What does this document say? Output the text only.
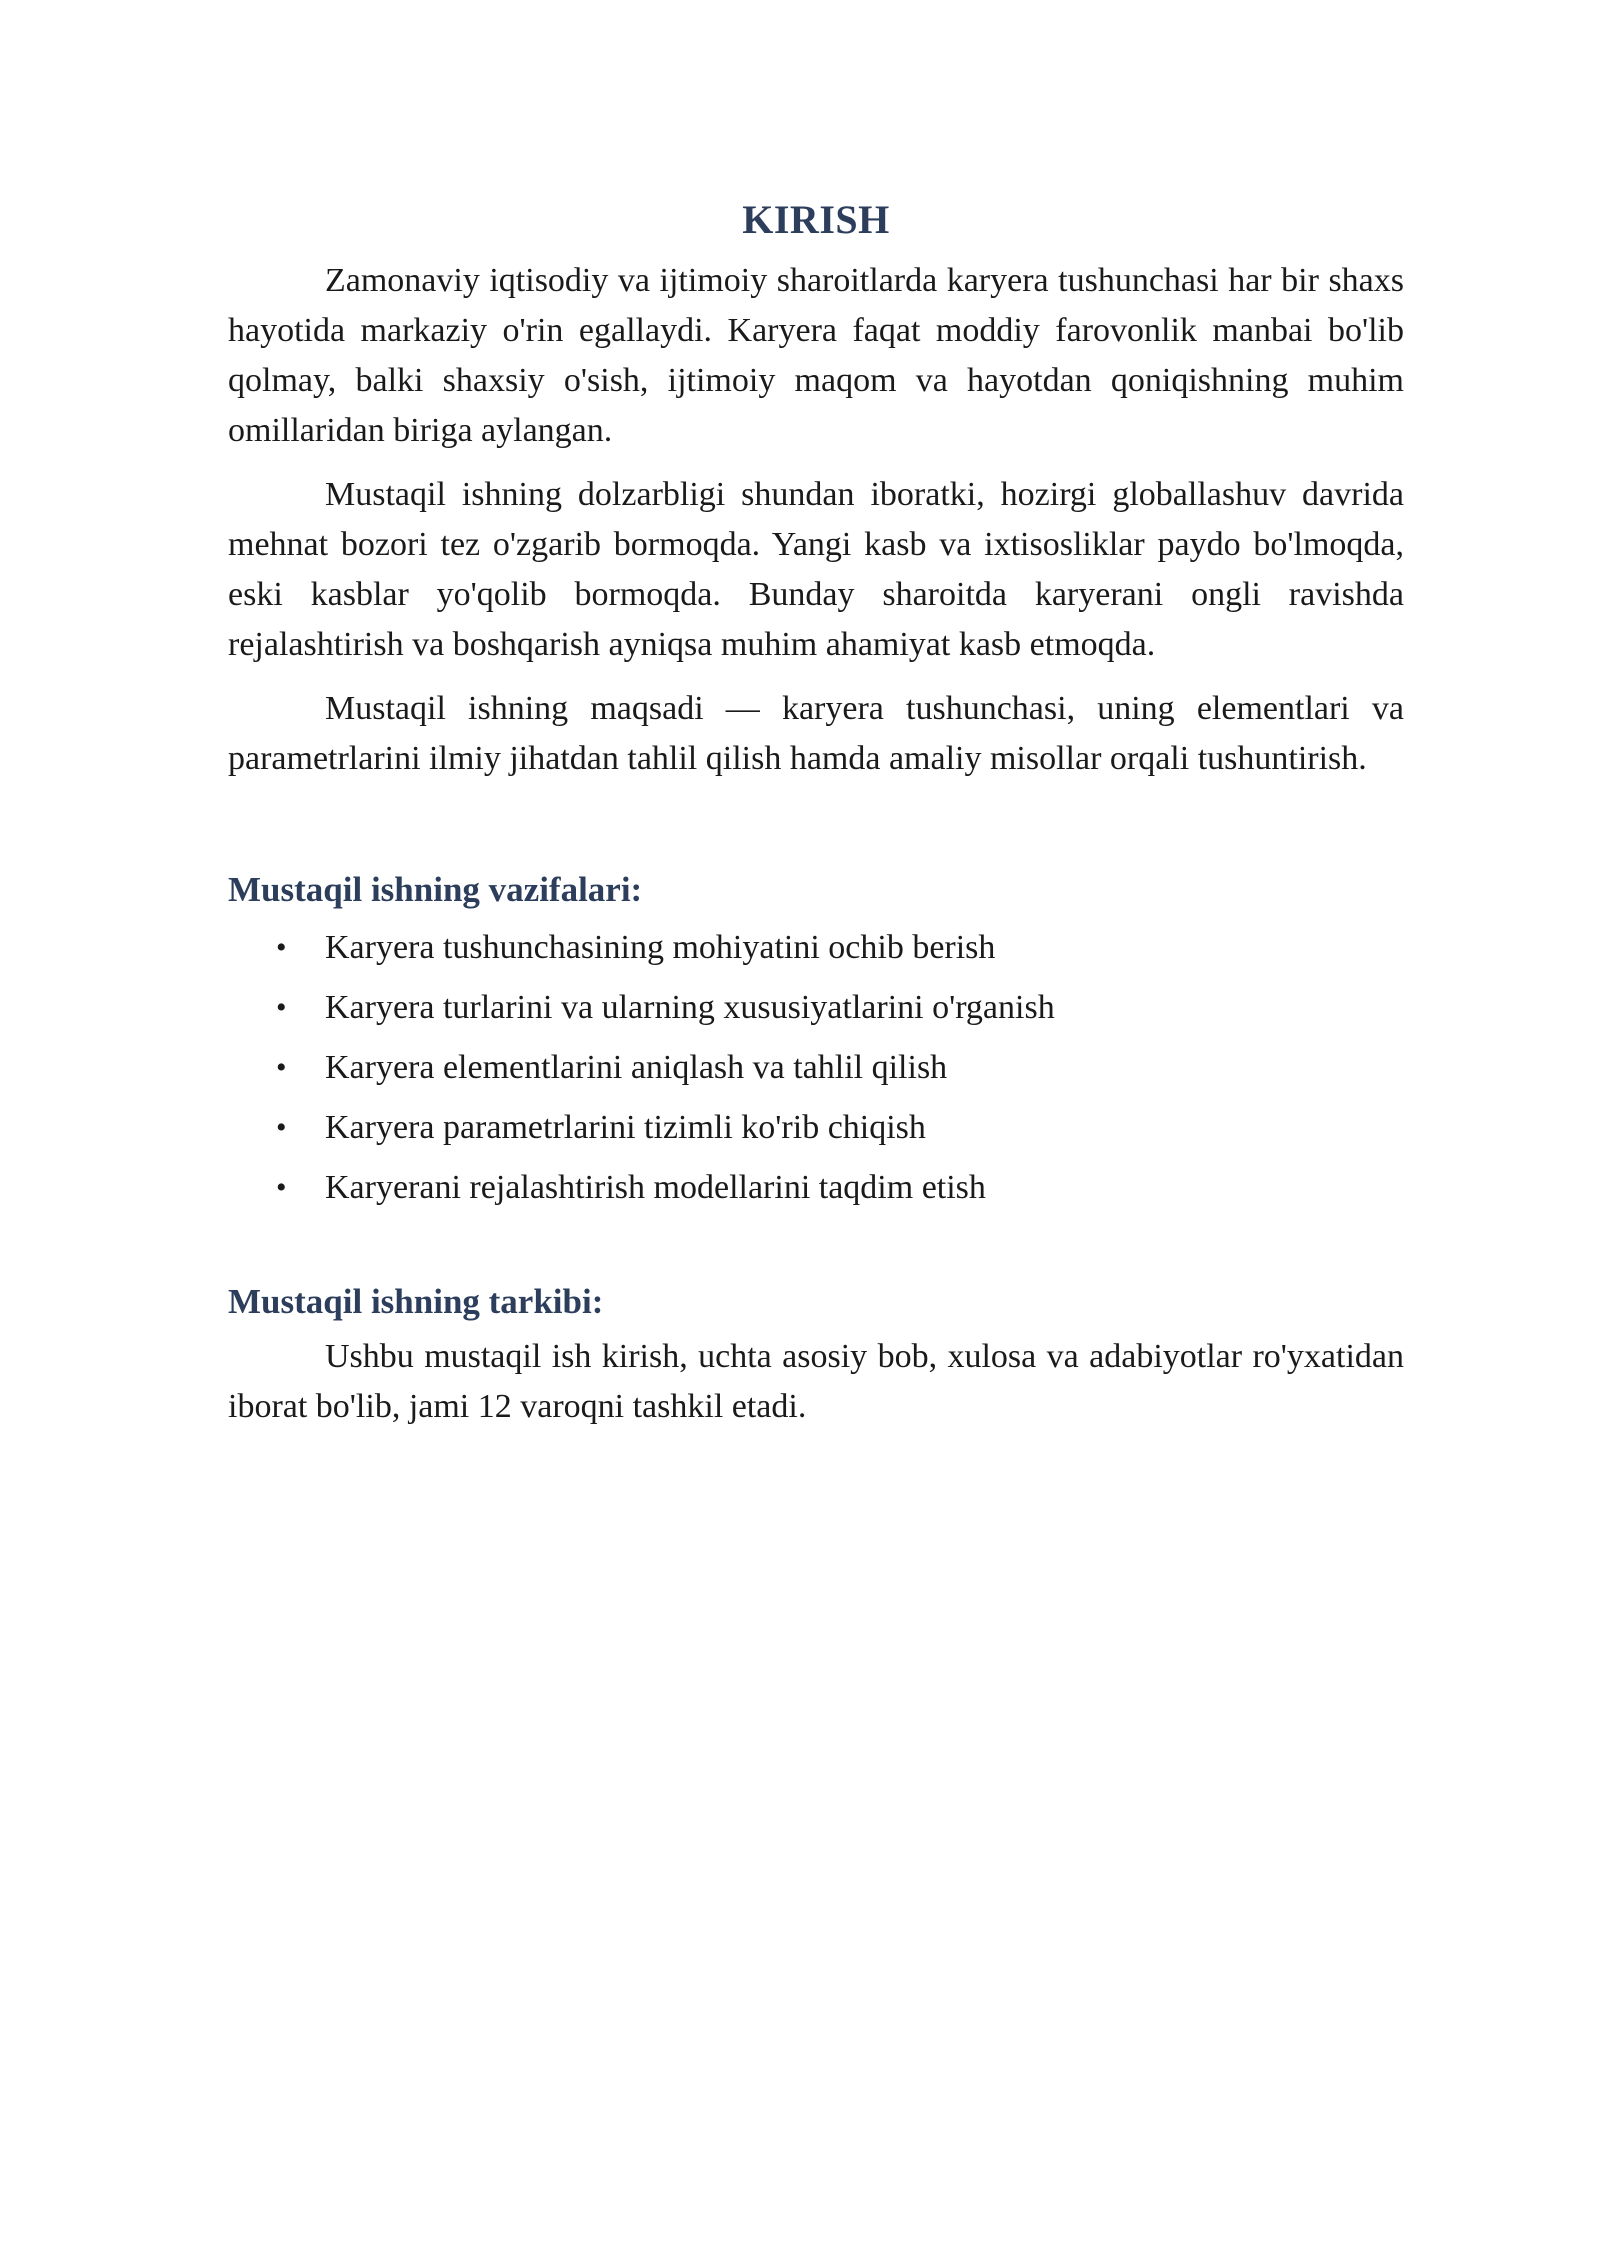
KIRISH

Zamonaviy iqtisodiy va ijtimoiy sharoitlarda karyera tushunchasi har bir shaxs hayotida markaziy o'rin egallaydi. Karyera faqat moddiy farovonlik manbai bo'lib qolmay, balki shaxsiy o'sish, ijtimoiy maqom va hayotdan qoniqishning muhim omillaridan biriga aylangan.

Mustaqil ishning dolzarbligi shundan iboratki, hozirgi globallashuv davrida mehnat bozori tez o'zgarib bormoqda. Yangi kasb va ixtisosliklar paydo bo'lmoqda, eski kasblar yo'qolib bormoqda. Bunday sharoitda karyerani ongli ravishda rejalashtirish va boshqarish ayniqsa muhim ahamiyat kasb etmoqda.

Mustaqil ishning maqsadi — karyera tushunchasi, uning elementlari va parametrlarini ilmiy jihatdan tahlil qilish hamda amaliy misollar orqali tushuntirish.

Mustaqil ishning vazifalari:
• Karyera tushunchasining mohiyatini ochib berish
• Karyera turlarini va ularning xususiyatlarini o'rganish
• Karyera elementlarini aniqlash va tahlil qilish
• Karyera parametrlarini tizimli ko'rib chiqish
• Karyerani rejalashtirish modellarini taqdim etish
Mustaqil ishning tarkibi:

Ushbu mustaqil ish kirish, uchta asosiy bob, xulosa va adabiyotlar ro'yxatidan iborat bo'lib, jami 12 varoqni tashkil etadi.
